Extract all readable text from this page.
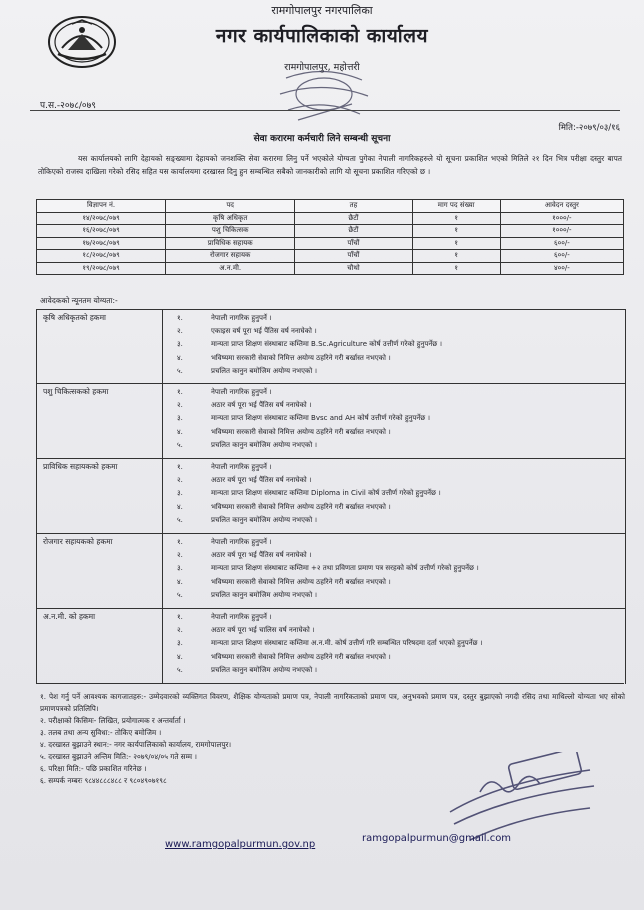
रामगोपालपुर नगरपालिका
नगर कार्यपालिकाको कार्यालय
रामगोपालपुर, महोत्तरी
प.स.-२०७८/०७९
मिति:-२०७९/०३/१६
सेवा करारमा कर्मचारी लिने सम्बन्धी सूचना
यस कार्यालयको लागि देहायको सङ्ख्यामा देहायको जनशक्ति सेवा करारमा लिनु पर्ने भएकोले योग्यता पुगेका नेपाली नागरिकहरुले यो सूचना प्रकाशित भएको मितिले २१ दिन भित्र परीक्षा दस्तुर बापत तोकिएको राजस्व दाखिला गरेको रसिद सहित यस कार्यालयमा दरखास्त दिनु हुन सम्बन्धित सबैको जानकारीको लागि यो सूचना प्रकाशित गरिएको छ ।
विज्ञापन नं.	पद	तह	माग पद संख्या	आवेदन दस्तुर
१४/२०७८/०७९	कृषि अधिकृत	छैटौं	१	१०००/-
१६/२०७८/०७९	पशु चिकित्सक	छैटौं	१	१०००/-
१७/२०७८/०७९	प्राविधिक सहायक	पाँचौं	१	६००/-
१८/२०७८/०७९	रोजगार सहायक	पाँचौं	१	६००/-
१९/२०७८/०७९	अ.न.मी.	चौथो	१	४००/-
आवेदकको न्यूनतम योग्यता:-
कृषि अधिकृतको हकमा	१.	नेपाली नागरिक हुनुपर्ने ।
२.	एकाइस वर्ष पूरा भई पैंतिस वर्ष ननाघेको ।
३.	मान्यता प्राप्त शिक्षण संस्थाबाट कम्तिमा B.Sc.Agriculture कोर्ष उत्तीर्ण गरेको हुनुपर्नेछ ।
४.	भविष्यमा सरकारी सेवाको निमित्त अयोग्य ठहरिने गरी बर्खास्त नभएको ।
५.	प्रचलित कानुन बमोजिम अयोग्य नभएको ।
पशु चिकित्सकको हकमा	१.	नेपाली नागरिक हुनुपर्ने ।
२.	अठार वर्ष पूरा भई पैंतिस वर्ष ननाघेको ।
३.	मान्यता प्राप्त शिक्षण संस्थाबाट कम्तिमा Bvsc and AH कोर्ष उत्तीर्ण गरेको हुनुपर्नेछ ।
४.	भविष्यमा सरकारी सेवाको निमित्त अयोग्य ठहरिने गरी बर्खास्त नभएको ।
५.	प्रचलित कानुन बमोजिम अयोग्य नभएको ।
प्राविधिक सहायकको हकमा	१.	नेपाली नागरिक हुनुपर्ने ।
२.	अठार वर्ष पूरा भई पैंतिस वर्ष ननाघेको ।
३.	मान्यता प्राप्त शिक्षण संस्थाबाट कम्तिमा Diploma in Civil कोर्ष उत्तीर्ण गरेको हुनुपर्नेछ ।
४.	भविष्यमा सरकारी सेवाको निमित्त अयोग्य ठहरिने गरी बर्खास्त नभएको ।
५.	प्रचलित कानुन बमोजिम अयोग्य नभएको ।
रोजगार सहायकको हकमा	१.	नेपाली नागरिक हुनुपर्ने ।
२.	अठार वर्ष पूरा भई पैंतिस वर्ष ननाघेको ।
३.	मान्यता प्राप्त शिक्षण संस्थाबाट कम्तिमा +२ तथा प्रविणता प्रमाण पत्र सरहको कोर्ष उत्तीर्ण गरेको हुनुपर्नेछ ।
४.	भविष्यमा सरकारी सेवाको निमित्त अयोग्य ठहरिने गरी बर्खास्त नभएको ।
५.	प्रचलित कानुन बमोजिम अयोग्य नभएको ।
अ.न.मी. को हकमा	१.	नेपाली नागरिक हुनुपर्ने ।
२.	अठार वर्ष पूरा भई चालिस वर्ष ननाघेको ।
३.	मान्यता प्राप्त शिक्षण संस्थाबाट कम्तिमा अ.न.मी. कोर्ष उत्तीर्ण गरि सम्बन्धित परिषदमा दर्ता भएको हुनुपर्नेछ ।
४.	भविष्यमा सरकारी सेवाको निमित्त अयोग्य ठहरिने गरी बर्खास्त नभएको ।
५.	प्रचलित कानुन बमोजिम अयोग्य नभएको ।
१. पेश गर्नु पर्ने आवश्यक कागजातहरु:- उम्मेदवारको व्यक्तिगत विवरण, शैक्षिक योग्यताको प्रमाण पत्र, नेपाली नागरिकताको प्रमाण पत्र, अनुभवको प्रमाण पत्र, दस्तुर बुझाएको नगदी रसिद तथा माथिल्लो योग्यता भए सोको प्रमाणपत्रको प्रतिलिपि।
२. परीक्षाको किसिमः- लिखित, प्रयोगात्मक र अन्तर्वार्ता ।
३. तलब तथा अन्य सुविधा:- तोकिए बमोजिम ।
४. दरखास्त बुझाउने स्थान:- नगर कार्यपालिकाको कार्यालय, रामगोपालपुर।
५. दरखास्त बुझाउने अन्तिम मिति:- २०७९/०४/०५ गते सम्म ।
६. परिक्षा मिति:- पछि प्रकाशित गरिनेछ ।
६. सम्पर्क नम्बरः ९८४४८८८४८८ र ९८०४९०७१९८
www.ramgopalpurmun.gov.np
ramgopalpurmun@gmail.com
